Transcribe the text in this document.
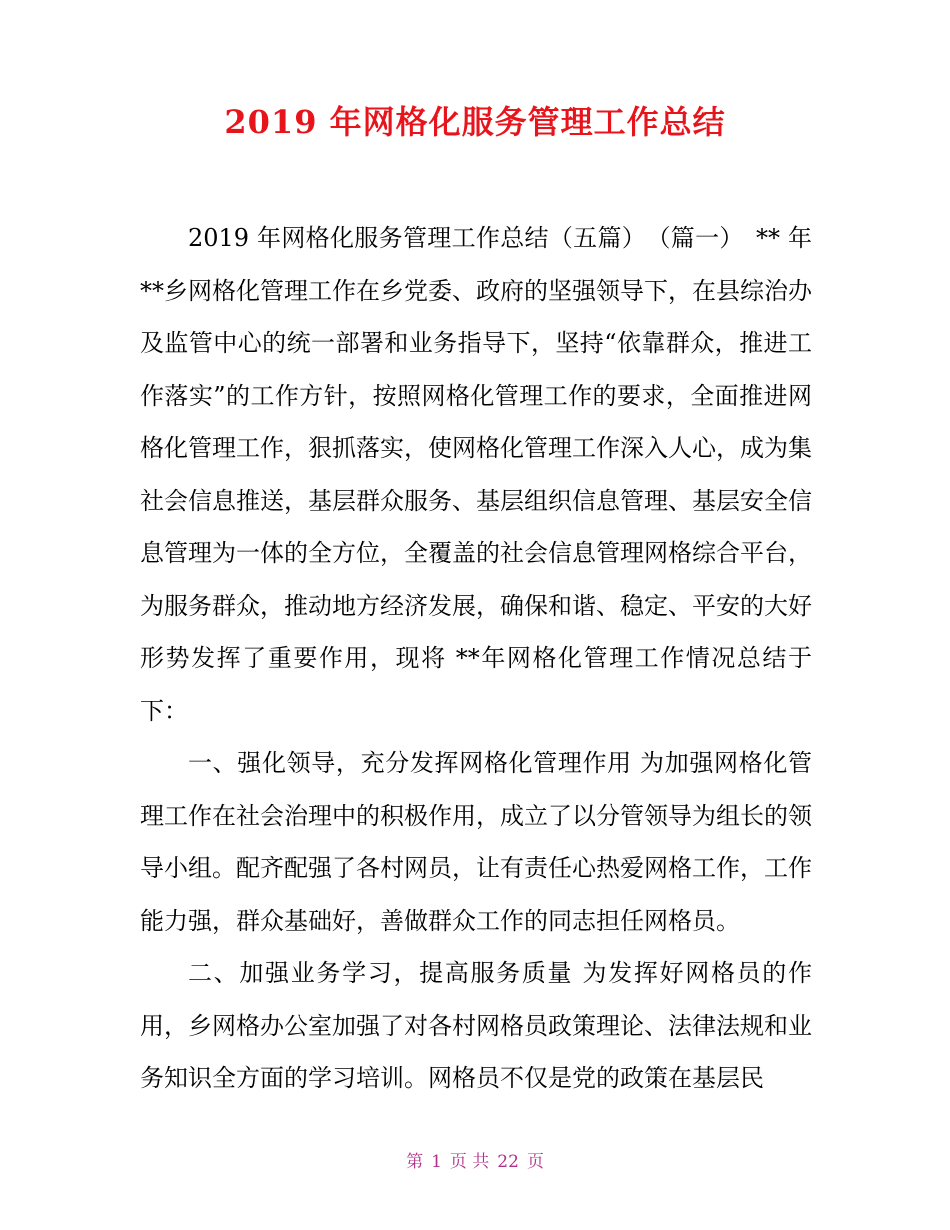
2019 年网格化服务管理工作总结

2019 年网格化服务管理工作总结（五篇）　（篇一）　** 年 **乡网格化管理工作在乡党委、政府的坚强领导下，在县综治办及监管中心的统一部署和业务指导下，坚持“依靠群众，推进工作落实”的工作方针，按照网格化管理工作的要求，全面推进网格化管理工作，狠抓落实，使网格化管理工作深入人心，成为集社会信息推送，基层群众服务、基层组织信息管理、基层安全信息管理为一体的全方位，全覆盖的社会信息管理网格综合平台，为服务群众，推动地方经济发展，确保和谐、稳定、平安的大好形势发挥了重要作用，现将 **年网格化管理工作情况总结于下：

一、强化领导，充分发挥网格化管理作用 为加强网格化管理工作在社会治理中的积极作用，成立了以分管领导为组长的领导小组。配齐配强了各村网员，让有责任心热爱网格工作，工作能力强，群众基础好，善做群众工作的同志担任网格员。

二、加强业务学习，提高服务质量 为发挥好网格员的作用，乡网格办公室加强了对各村网格员政策理论、法律法规和业务知识全方面的学习培训。网格员不仅是党的政策在基层民

第 1 页 共 22 页
